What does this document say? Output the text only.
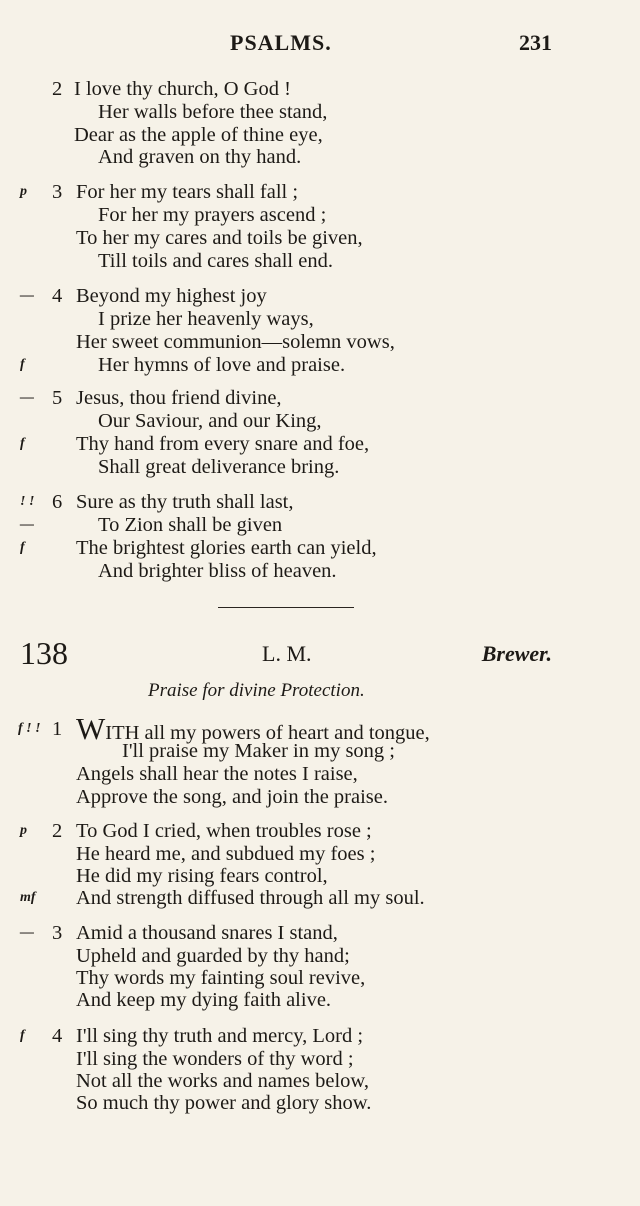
PSALMS.	231
2 I love thy church, O God !
Her walls before thee stand,
Dear as the apple of thine eye,
And graven on thy hand.
p 3 For her my tears shall fall ;
For her my prayers ascend ;
To her my cares and toils be given,
Till toils and cares shall end.
— 4 Beyond my highest joy
I prize her heavenly ways,
Her sweet communion—solemn vows,
f	Her hymns of love and praise.
— 5 Jesus, thou friend divine,
Our Saviour, and our King,
f	Thy hand from every snare and foe,
Shall great deliverance bring.
! ! 6 Sure as thy truth shall last,
—	To Zion shall be given
f	The brightest glories earth can yield,
And brighter bliss of heaven.
138	L. M.	Brewer.
Praise for divine Protection.
f ! ! 1 WITH all my powers of heart and tongue,
I'll praise my Maker in my song ;
Angels shall hear the notes I raise,
Approve the song, and join the praise.
p 2 To God I cried, when troubles rose ;
He heard me, and subdued my foes ;
He did my rising fears control,
mf And strength diffused through all my soul.
— 3 Amid a thousand snares I stand,
Upheld and guarded by thy hand;
Thy words my fainting soul revive,
And keep my dying faith alive.
f 4 I'll sing thy truth and mercy, Lord ;
I'll sing the wonders of thy word ;
Not all the works and names below,
So much thy power and glory show.
